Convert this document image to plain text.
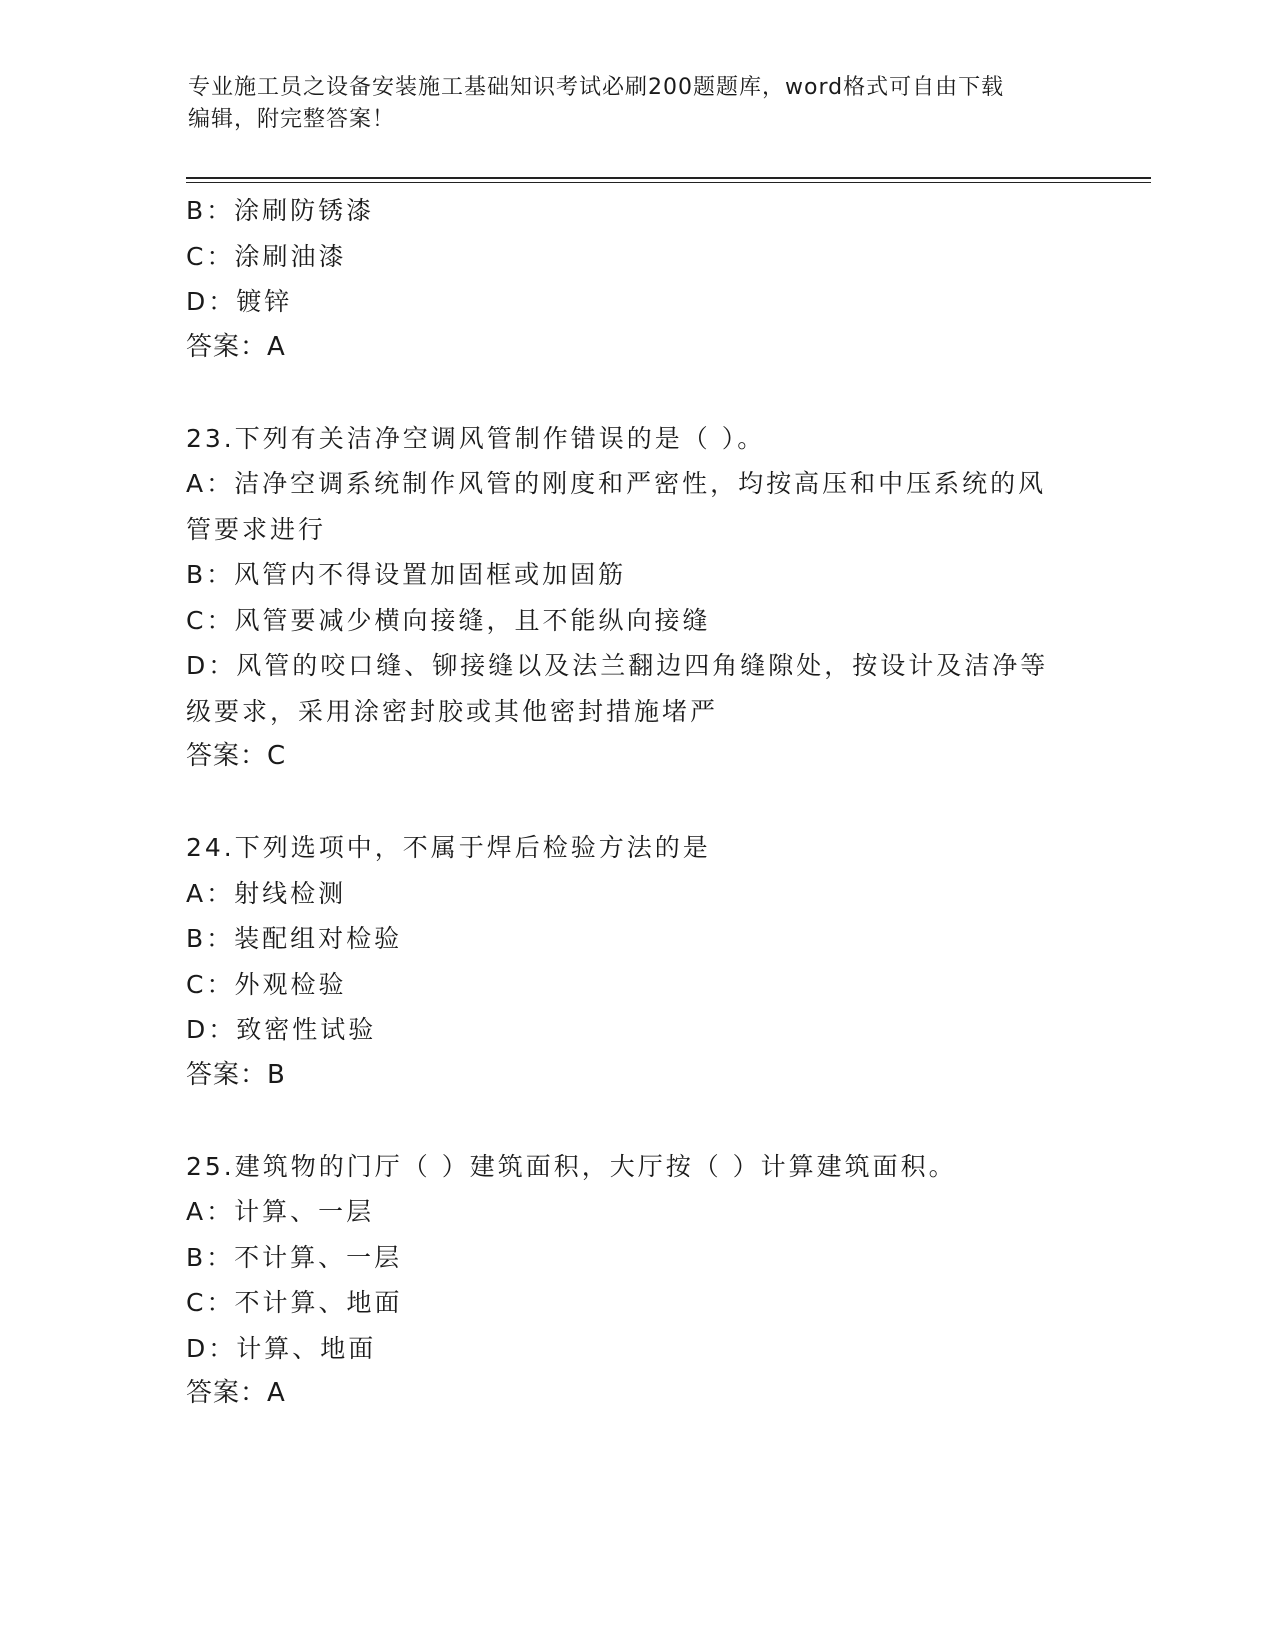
专业施工员之设备安装施工基础知识考试必刷200题题库，word格式可自由下载
编辑，附完整答案！
B：涂刷防锈漆
C：涂刷油漆
D：镀锌
答案：A
23.下列有关洁净空调风管制作错误的是（ ）。
A：洁净空调系统制作风管的刚度和严密性，均按高压和中压系统的风
管要求进行
B：风管内不得设置加固框或加固筋
C：风管要减少横向接缝，且不能纵向接缝
D：风管的咬口缝、铆接缝以及法兰翻边四角缝隙处，按设计及洁净等
级要求，采用涂密封胶或其他密封措施堵严
答案：C
24.下列选项中，不属于焊后检验方法的是
A：射线检测
B：装配组对检验
C：外观检验
D：致密性试验
答案：B
25.建筑物的门厅（ ）建筑面积，大厅按（ ）计算建筑面积。
A：计算、一层
B：不计算、一层
C：不计算、地面
D：计算、地面
答案：A
